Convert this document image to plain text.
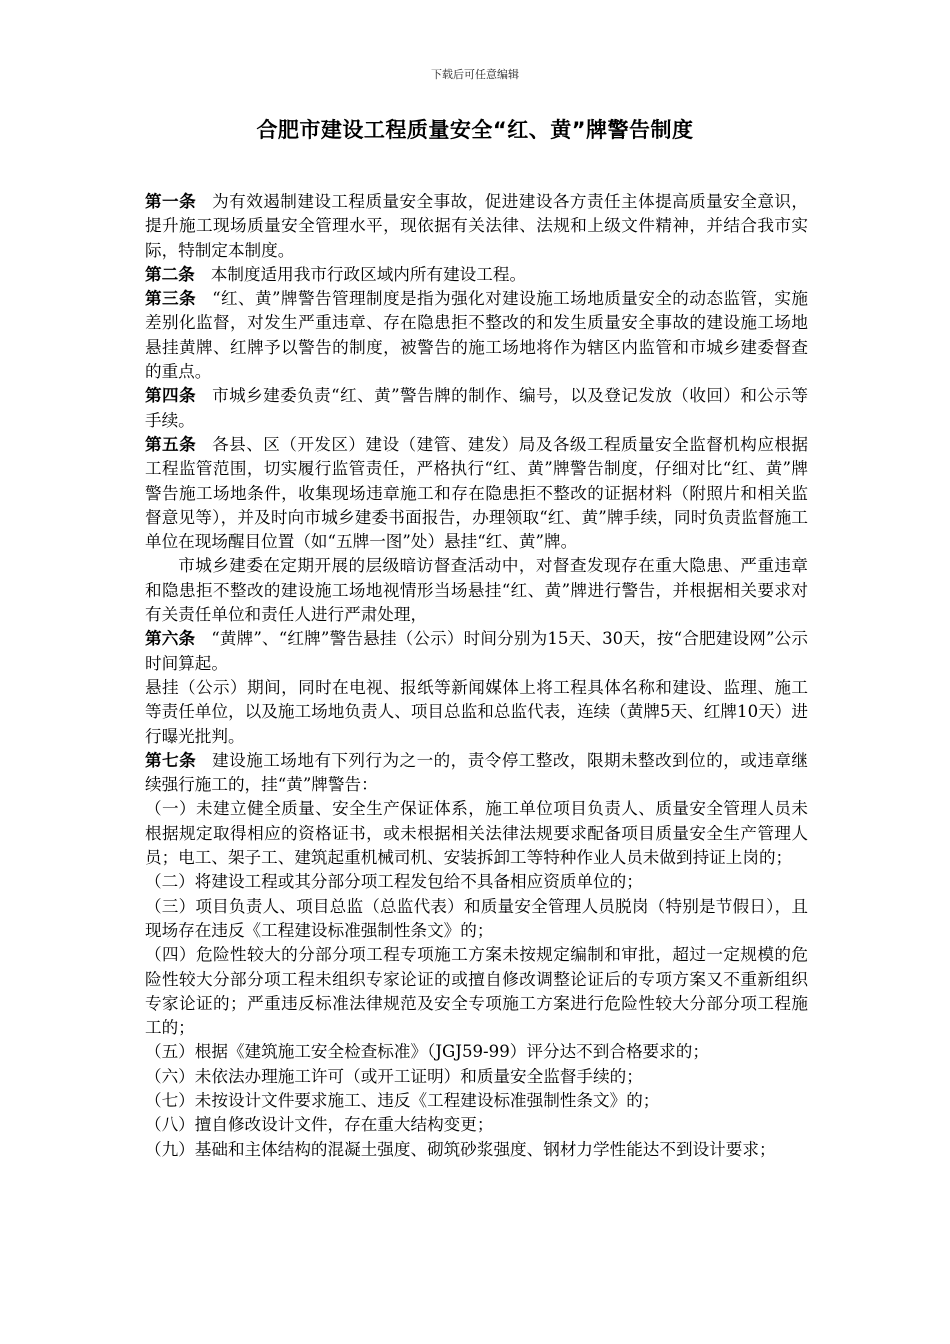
下载后可任意编辑
合肥市建设工程质量安全“红、黄”牌警告制度

第一条 为有效遏制建设工程质量安全事故，促进建设各方责任主体提高质量安全意识，提升施工现场质量安全管理水平，现依据有关法律、法规和上级文件精神，并结合我市实际，特制定本制度。

第二条 本制度适用我市行政区域内所有建设工程。

第三条 “红、黄”牌警告管理制度是指为强化对建设施工场地质量安全的动态监管，实施差别化监督，对发生严重违章、存在隐患拒不整改的和发生质量安全事故的建设施工场地悬挂黄牌、红牌予以警告的制度，被警告的施工场地将作为辖区内监管和市城乡建委督查的重点。

第四条 市城乡建委负责“红、黄”警告牌的制作、编号，以及登记发放（收回）和公示等手续。

第五条 各县、区（开发区）建设（建管、建发）局及各级工程质量安全监督机构应根据工程监管范围，切实履行监管责任，严格执行“红、黄”牌警告制度，仔细对比“红、黄”牌警告施工场地条件，收集现场违章施工和存在隐患拒不整改的证据材料（附照片和相关监督意见等），并及时向市城乡建委书面报告，办理领取“红、黄”牌手续，同时负责监督施工单位在现场醒目位置（如“五牌一图”处）悬挂“红、黄”牌。

市城乡建委在定期开展的层级暗访督查活动中，对督查发现存在重大隐患、严重违章和隐患拒不整改的建设施工场地视情形当场悬挂“红、黄”牌进行警告，并根据相关要求对有关责任单位和责任人进行严肃处理，

第六条 “黄牌”、“红牌”警告悬挂（公示）时间分别为15天、30天，按“合肥建设网”公示时间算起。

悬挂（公示）期间，同时在电视、报纸等新闻媒体上将工程具体名称和建设、监理、施工等责任单位，以及施工场地负责人、项目总监和总监代表，连续（黄牌5天、红牌10天）进行曝光批判。

第七条 建设施工场地有下列行为之一的，责令停工整改，限期未整改到位的，或违章继续强行施工的，挂“黄”牌警告：

（一）未建立健全质量、安全生产保证体系，施工单位项目负责人、质量安全管理人员未根据规定取得相应的资格证书，或未根据相关法律法规要求配备项目质量安全生产管理人员；电工、架子工、建筑起重机械司机、安装拆卸工等特种作业人员未做到持证上岗的；

（二）将建设工程或其分部分项工程发包给不具备相应资质单位的；

（三）项目负责人、项目总监（总监代表）和质量安全管理人员脱岗（特别是节假日），且现场存在违反《工程建设标准强制性条文》的；

（四）危险性较大的分部分项工程专项施工方案未按规定编制和审批，超过一定规模的危险性较大分部分项工程未组织专家论证的或擅自修改调整论证后的专项方案又不重新组织专家论证的；严重违反标准法律规范及安全专项施工方案进行危险性较大分部分项工程施工的；

（五）根据《建筑施工安全检查标准》（JGJ59-99）评分达不到合格要求的；

（六）未依法办理施工许可（或开工证明）和质量安全监督手续的；

（七）未按设计文件要求施工、违反《工程建设标准强制性条文》的；

（八）擅自修改设计文件，存在重大结构变更；

（九）基础和主体结构的混凝土强度、砌筑砂浆强度、钢材力学性能达不到设计要求；
